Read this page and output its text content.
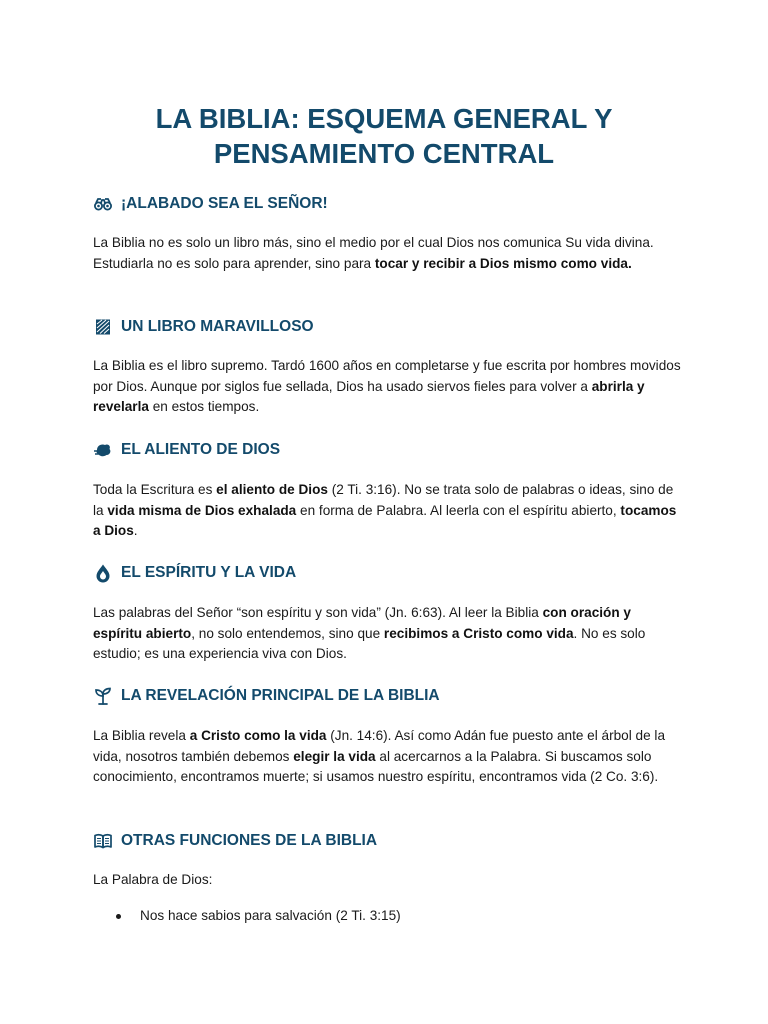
LA BIBLIA: ESQUEMA GENERAL Y
PENSAMIENTO CENTRAL
¡ALABADO SEA EL SEÑOR!

La Biblia no es solo un libro más, sino el medio por el cual Dios nos comunica Su vida divina. Estudiarla no es solo para aprender, sino para tocar y recibir a Dios mismo como vida.

UN LIBRO MARAVILLOSO

La Biblia es el libro supremo. Tardó 1600 años en completarse y fue escrita por hombres movidos por Dios. Aunque por siglos fue sellada, Dios ha usado siervos fieles para volver a abrirla y revelarla en estos tiempos.

EL ALIENTO DE DIOS

Toda la Escritura es el aliento de Dios (2 Ti. 3:16). No se trata solo de palabras o ideas, sino de la vida misma de Dios exhalada en forma de Palabra. Al leerla con el espíritu abierto, tocamos a Dios.

EL ESPÍRITU Y LA VIDA

Las palabras del Señor “son espíritu y son vida” (Jn. 6:63). Al leer la Biblia con oración y espíritu abierto, no solo entendemos, sino que recibimos a Cristo como vida. No es solo estudio; es una experiencia viva con Dios.

LA REVELACIÓN PRINCIPAL DE LA BIBLIA

La Biblia revela a Cristo como la vida (Jn. 14:6). Así como Adán fue puesto ante el árbol de la vida, nosotros también debemos elegir la vida al acercarnos a la Palabra. Si buscamos solo conocimiento, encontramos muerte; si usamos nuestro espíritu, encontramos vida (2 Co. 3:6).

OTRAS FUNCIONES DE LA BIBLIA

La Palabra de Dios:

Nos hace sabios para salvación (2 Ti. 3:15)
